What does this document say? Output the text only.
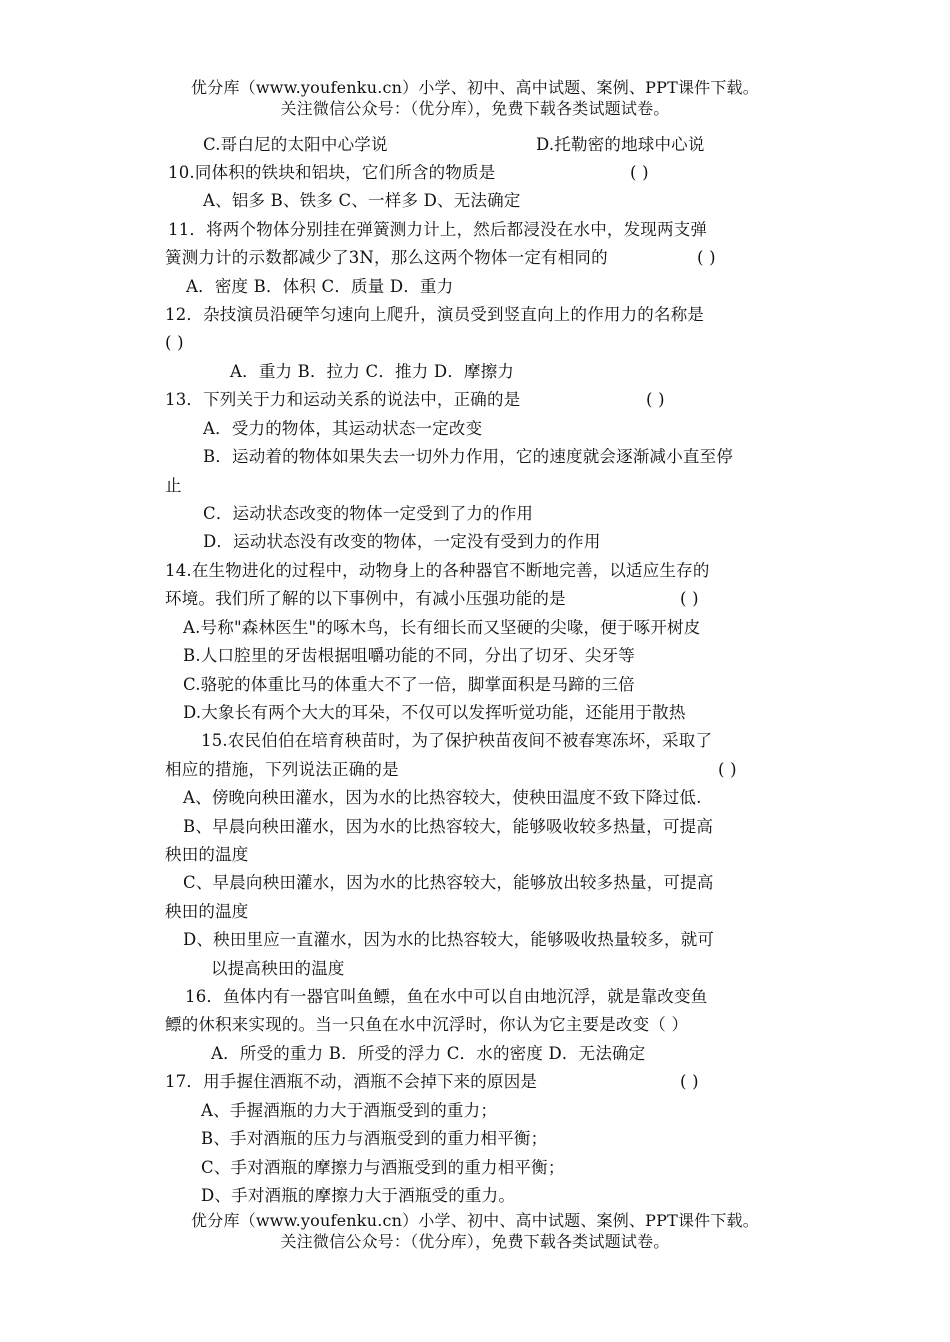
优分库（www.youfenku.cn）小学、初中、高中试题、案例、PPT课件下载。
关注微信公众号：（优分库），免费下载各类试题试卷。
C.哥白尼的太阳中心学说	D.托勒密的地球中心说
10.同体积的铁块和铝块，它们所含的物质是	( )
A、铝多 B、铁多 C、一样多 D、无法确定
11．将两个物体分别挂在弹簧测力计上，然后都浸没在水中，发现两支弹
簧测力计的示数都减少了3N，那么这两个物体一定有相同的	( )
A．密度 B．体积 C．质量 D．重力
12．杂技演员沿硬竿匀速向上爬升，演员受到竖直向上的作用力的名称是
( )
A．重力 B．拉力 C．推力 D．摩擦力
13．下列关于力和运动关系的说法中，正确的是	( )
A．受力的物体，其运动状态一定改变
B．运动着的物体如果失去一切外力作用，它的速度就会逐渐减小直至停
止
C．运动状态改变的物体一定受到了力的作用
D．运动状态没有改变的物体，一定没有受到力的作用
14.在生物进化的过程中，动物身上的各种器官不断地完善，以适应生存的
环境。我们所了解的以下事例中，有减小压强功能的是	( )
A.号称"森林医生"的啄木鸟，长有细长而又坚硬的尖喙，便于啄开树皮
B.人口腔里的牙齿根据咀嚼功能的不同，分出了切牙、尖牙等
C.骆驼的体重比马的体重大不了一倍，脚掌面积是马蹄的三倍
D.大象长有两个大大的耳朵，不仅可以发挥听觉功能，还能用于散热
15.农民伯伯在培育秧苗时，为了保护秧苗夜间不被春寒冻坏，采取了
相应的措施，下列说法正确的是	( )
A、傍晚向秧田灌水，因为水的比热容较大，使秧田温度不致下降过低.
B、早晨向秧田灌水，因为水的比热容较大，能够吸收较多热量，可提高
秧田的温度
C、早晨向秧田灌水，因为水的比热容较大，能够放出较多热量，可提高
秧田的温度
D、秧田里应一直灌水，因为水的比热容较大，能够吸收热量较多，就可
以提高秧田的温度
16．鱼体内有一器官叫鱼鳔，鱼在水中可以自由地沉浮，就是靠改变鱼
鳔的休积来实现的。当一只鱼在水中沉浮时，你认为它主要是改变（ ）
A．所受的重力 B．所受的浮力 C．水的密度 D．无法确定
17．用手握住酒瓶不动，酒瓶不会掉下来的原因是	( )
A、手握酒瓶的力大于酒瓶受到的重力；
B、手对酒瓶的压力与酒瓶受到的重力相平衡；
C、手对酒瓶的摩擦力与酒瓶受到的重力相平衡；
D、手对酒瓶的摩擦力大于酒瓶受的重力。
优分库（www.youfenku.cn）小学、初中、高中试题、案例、PPT课件下载。
关注微信公众号：（优分库），免费下载各类试题试卷。
